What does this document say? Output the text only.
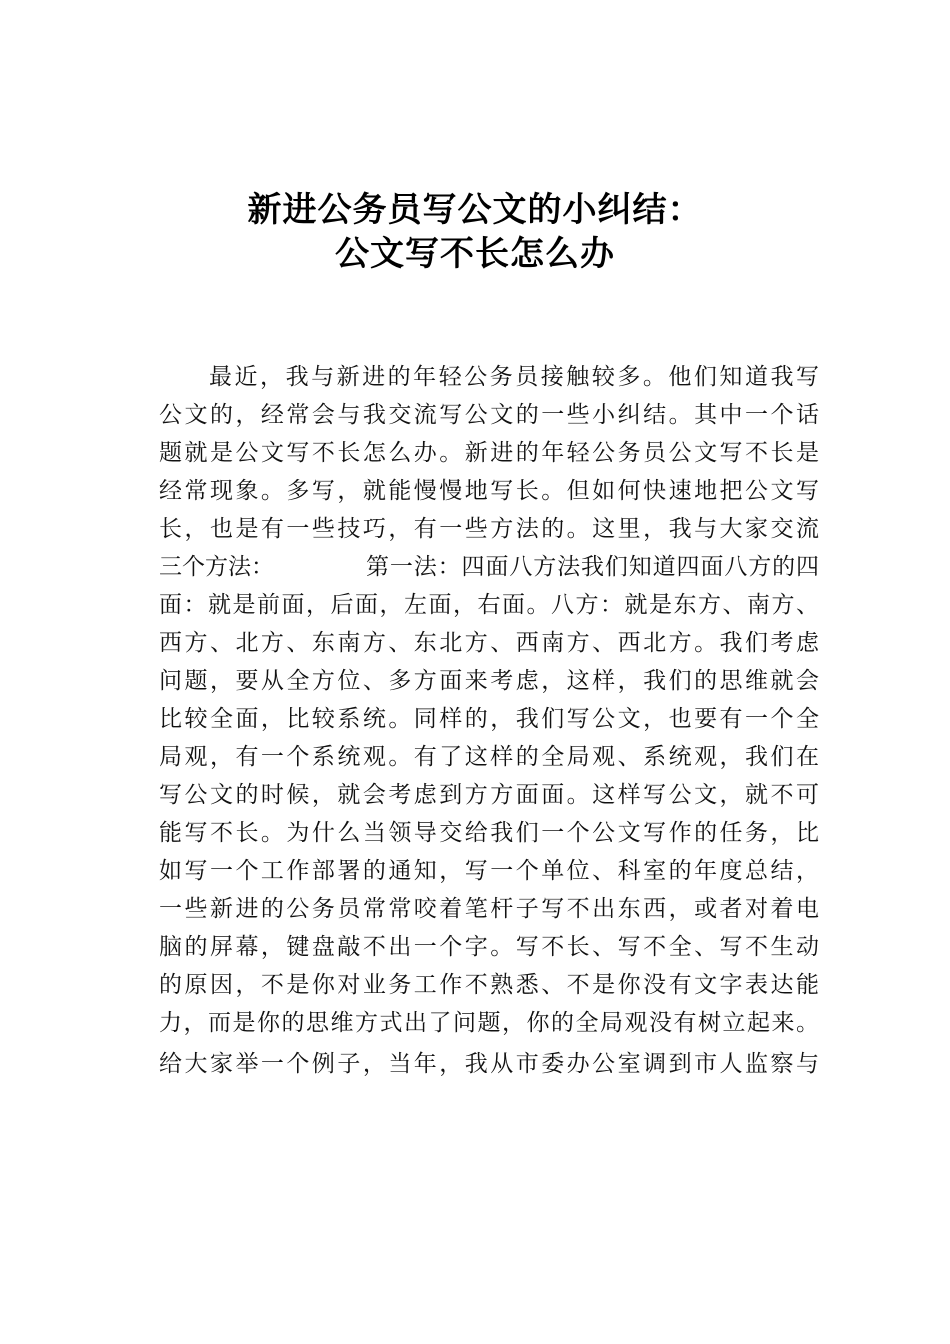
新进公务员写公文的小纠结：
公文写不长怎么办
最近，我与新进的年轻公务员接触较多。他们知道我写
公文的，经常会与我交流写公文的一些小纠结。其中一个话
题就是公文写不长怎么办。新进的年轻公务员公文写不长是
经常现象。多写，就能慢慢地写长。但如何快速地把公文写
长，也是有一些技巧，有一些方法的。这里，我与大家交流
三个方法：	第一法：四面八方法我们知道四面八方的四
面：就是前面，后面，左面，右面。八方：就是东方、南方、
西方、北方、东南方、东北方、西南方、西北方。我们考虑
问题，要从全方位、多方面来考虑，这样，我们的思维就会
比较全面，比较系统。同样的，我们写公文，也要有一个全
局观，有一个系统观。有了这样的全局观、系统观，我们在
写公文的时候，就会考虑到方方面面。这样写公文，就不可
能写不长。为什么当领导交给我们一个公文写作的任务，比
如写一个工作部署的通知，写一个单位、科室的年度总结，
一些新进的公务员常常咬着笔杆子写不出东西，或者对着电
脑的屏幕，键盘敲不出一个字。写不长、写不全、写不生动
的原因，不是你对业务工作不熟悉、不是你没有文字表达能
力，而是你的思维方式出了问题，你的全局观没有树立起来。
给大家举一个例子，当年，我从市委办公室调到市人监察与
